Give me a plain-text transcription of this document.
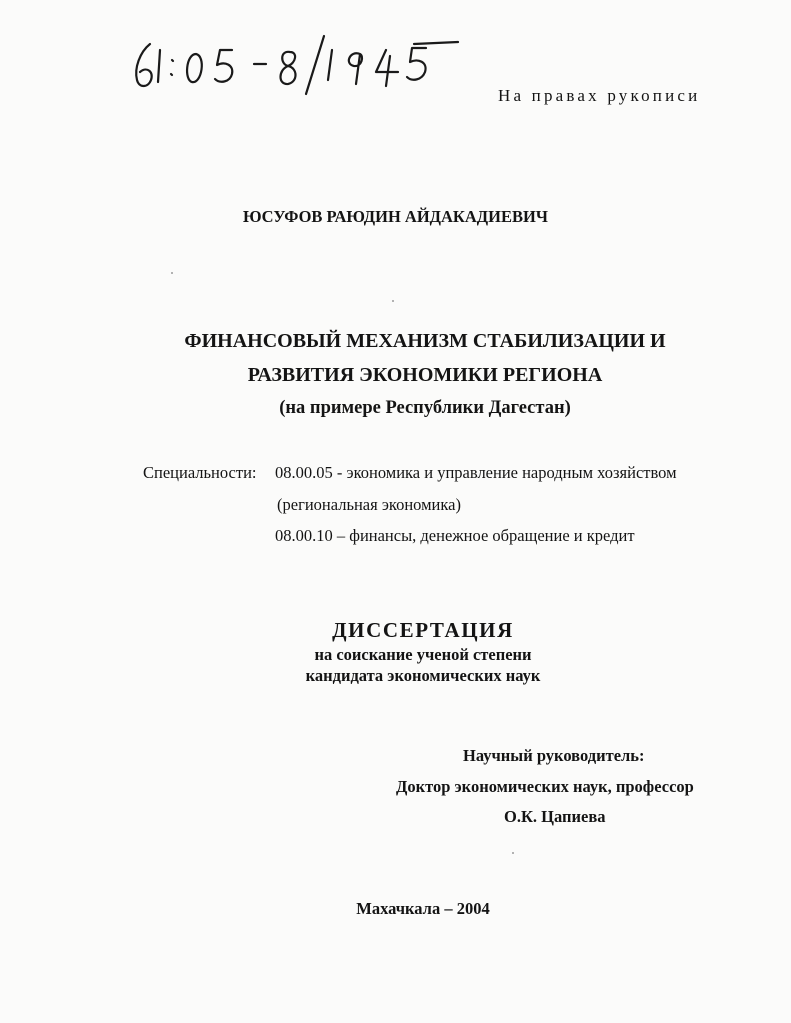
На правах рукописи
ЮСУФОВ РАЮДИН АЙДАКАДИЕВИЧ
ФИНАНСОВЫЙ МЕХАНИЗМ СТАБИЛИЗАЦИИ И
РАЗВИТИЯ ЭКОНОМИКИ РЕГИОНА
(на примере Республики Дагестан)
Специальности: 08.00.05 - экономика и управление народным хозяйством
(региональная экономика)
08.00.10 – финансы, денежное обращение и кредит
ДИССЕРТАЦИЯ
на соискание ученой степени
кандидата экономических наук
Научный руководитель:
Доктор экономических наук, профессор
О.К. Цапиева
Махачкала – 2004
